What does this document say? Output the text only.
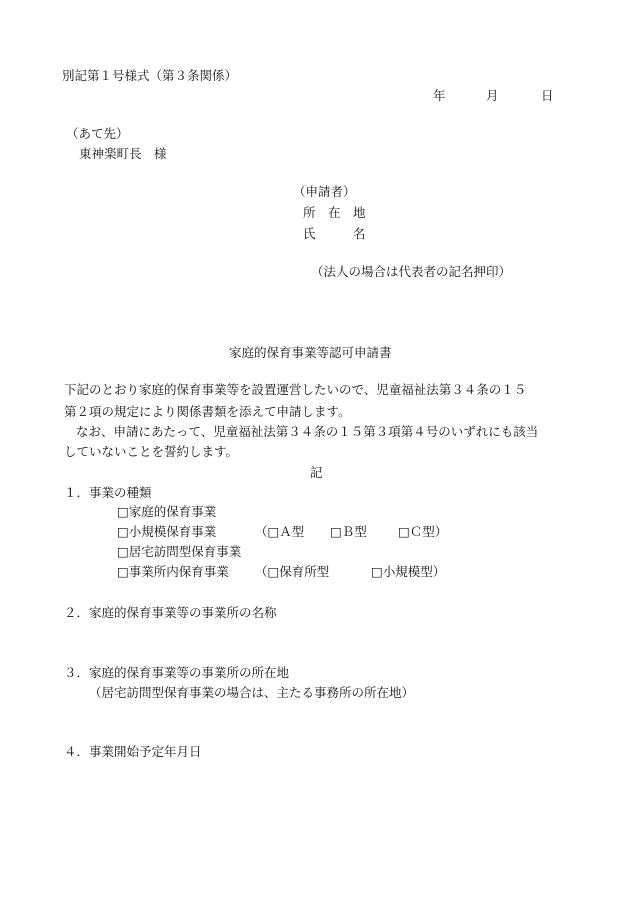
別記第１号様式（第３条関係）
年	月	日
（あて先）
東神楽町長　様
（申請者）
所　在　地
氏　　　名
（法人の場合は代表者の記名押印）
家庭的保育事業等認可申請書
下記のとおり家庭的保育事業等を設置運営したいので、児童福祉法第３４条の１５
第２項の規定により関係書類を添えて申請します。
なお、申請にあたって、児童福祉法第３４条の１５第３項第４号のいずれにも該当
していないことを誓約します。
記
１．事業の種類
□家庭的保育事業
□小規模保育事業	（□Ａ型 □Ｂ型 □Ｃ型）
□居宅訪問型保育事業
□事業所内保育事業 （□保育所型	□小規模型）
２．家庭的保育事業等の事業所の名称
３．家庭的保育事業等の事業所の所在地
（居宅訪問型保育事業の場合は、主たる事務所の所在地）
４．事業開始予定年月日
